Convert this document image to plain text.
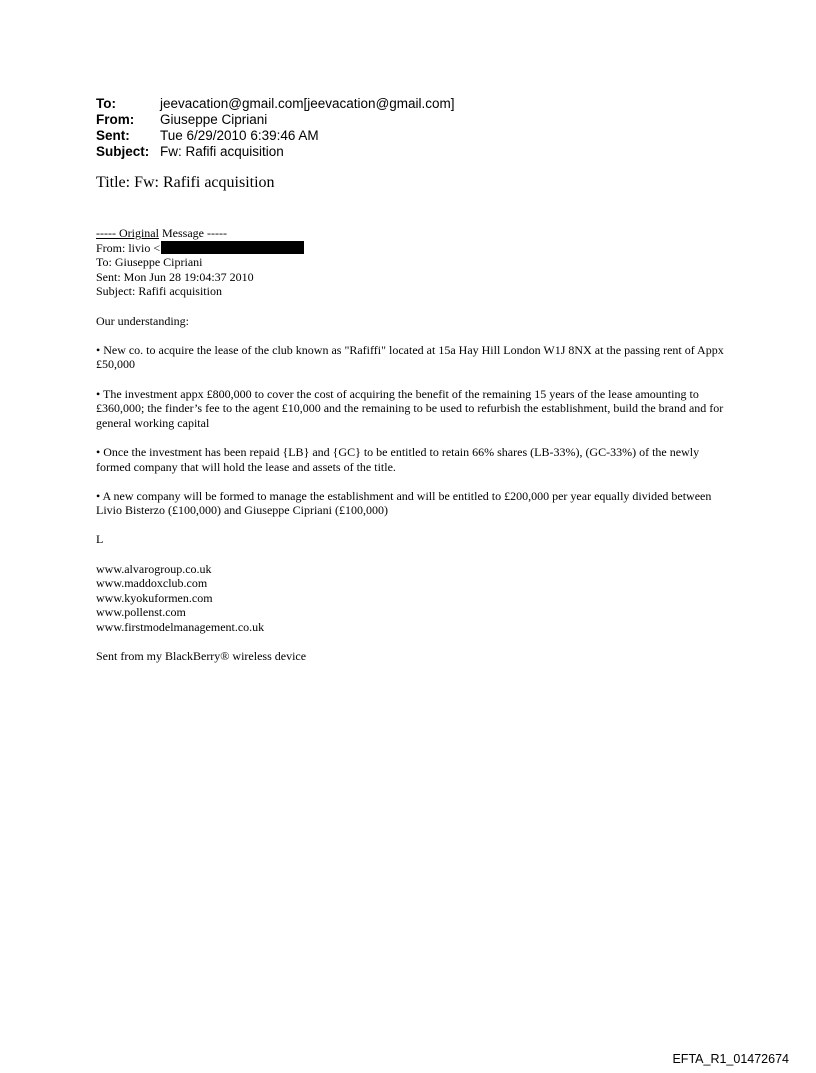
To:	jeevacation@gmail.com[jeevacation@gmail.com]
From:	Giuseppe Cipriani
Sent:	Tue 6/29/2010 6:39:46 AM
Subject: Fw: Rafifi acquisition
Title: Fw: Rafifi acquisition
----- Original Message -----
From: livio <
To: Giuseppe Cipriani
Sent: Mon Jun 28 19:04:37 2010
Subject: Rafifi acquisition
Our understanding:

• New co. to acquire the lease of the club known as "Rafiffi" located at 15a Hay Hill London W1J 8NX at the passing rent of Appx £50,000

• The investment appx £800,000 to cover the cost of acquiring the benefit of the remaining 15 years of the lease amounting to £360,000; the finder’s fee to the agent £10,000 and the remaining to be used to refurbish the establishment, build the brand and for general working capital

• Once the investment has been repaid {LB} and {GC} to be entitled to retain 66% shares (LB-33%), (GC-33%) of the newly formed company that will hold the lease and assets of the title.

• A new company will be formed to manage the establishment and will be entitled to £200,000 per year equally divided between Livio Bisterzo (£100,000) and Giuseppe Cipriani (£100,000)

L
www.alvarogroup.co.uk
www.maddoxclub.com
www.kyokuformen.com
www.pollenst.com
www.firstmodelmanagement.co.uk
Sent from my BlackBerry® wireless device
EFTA_R1_01472674
